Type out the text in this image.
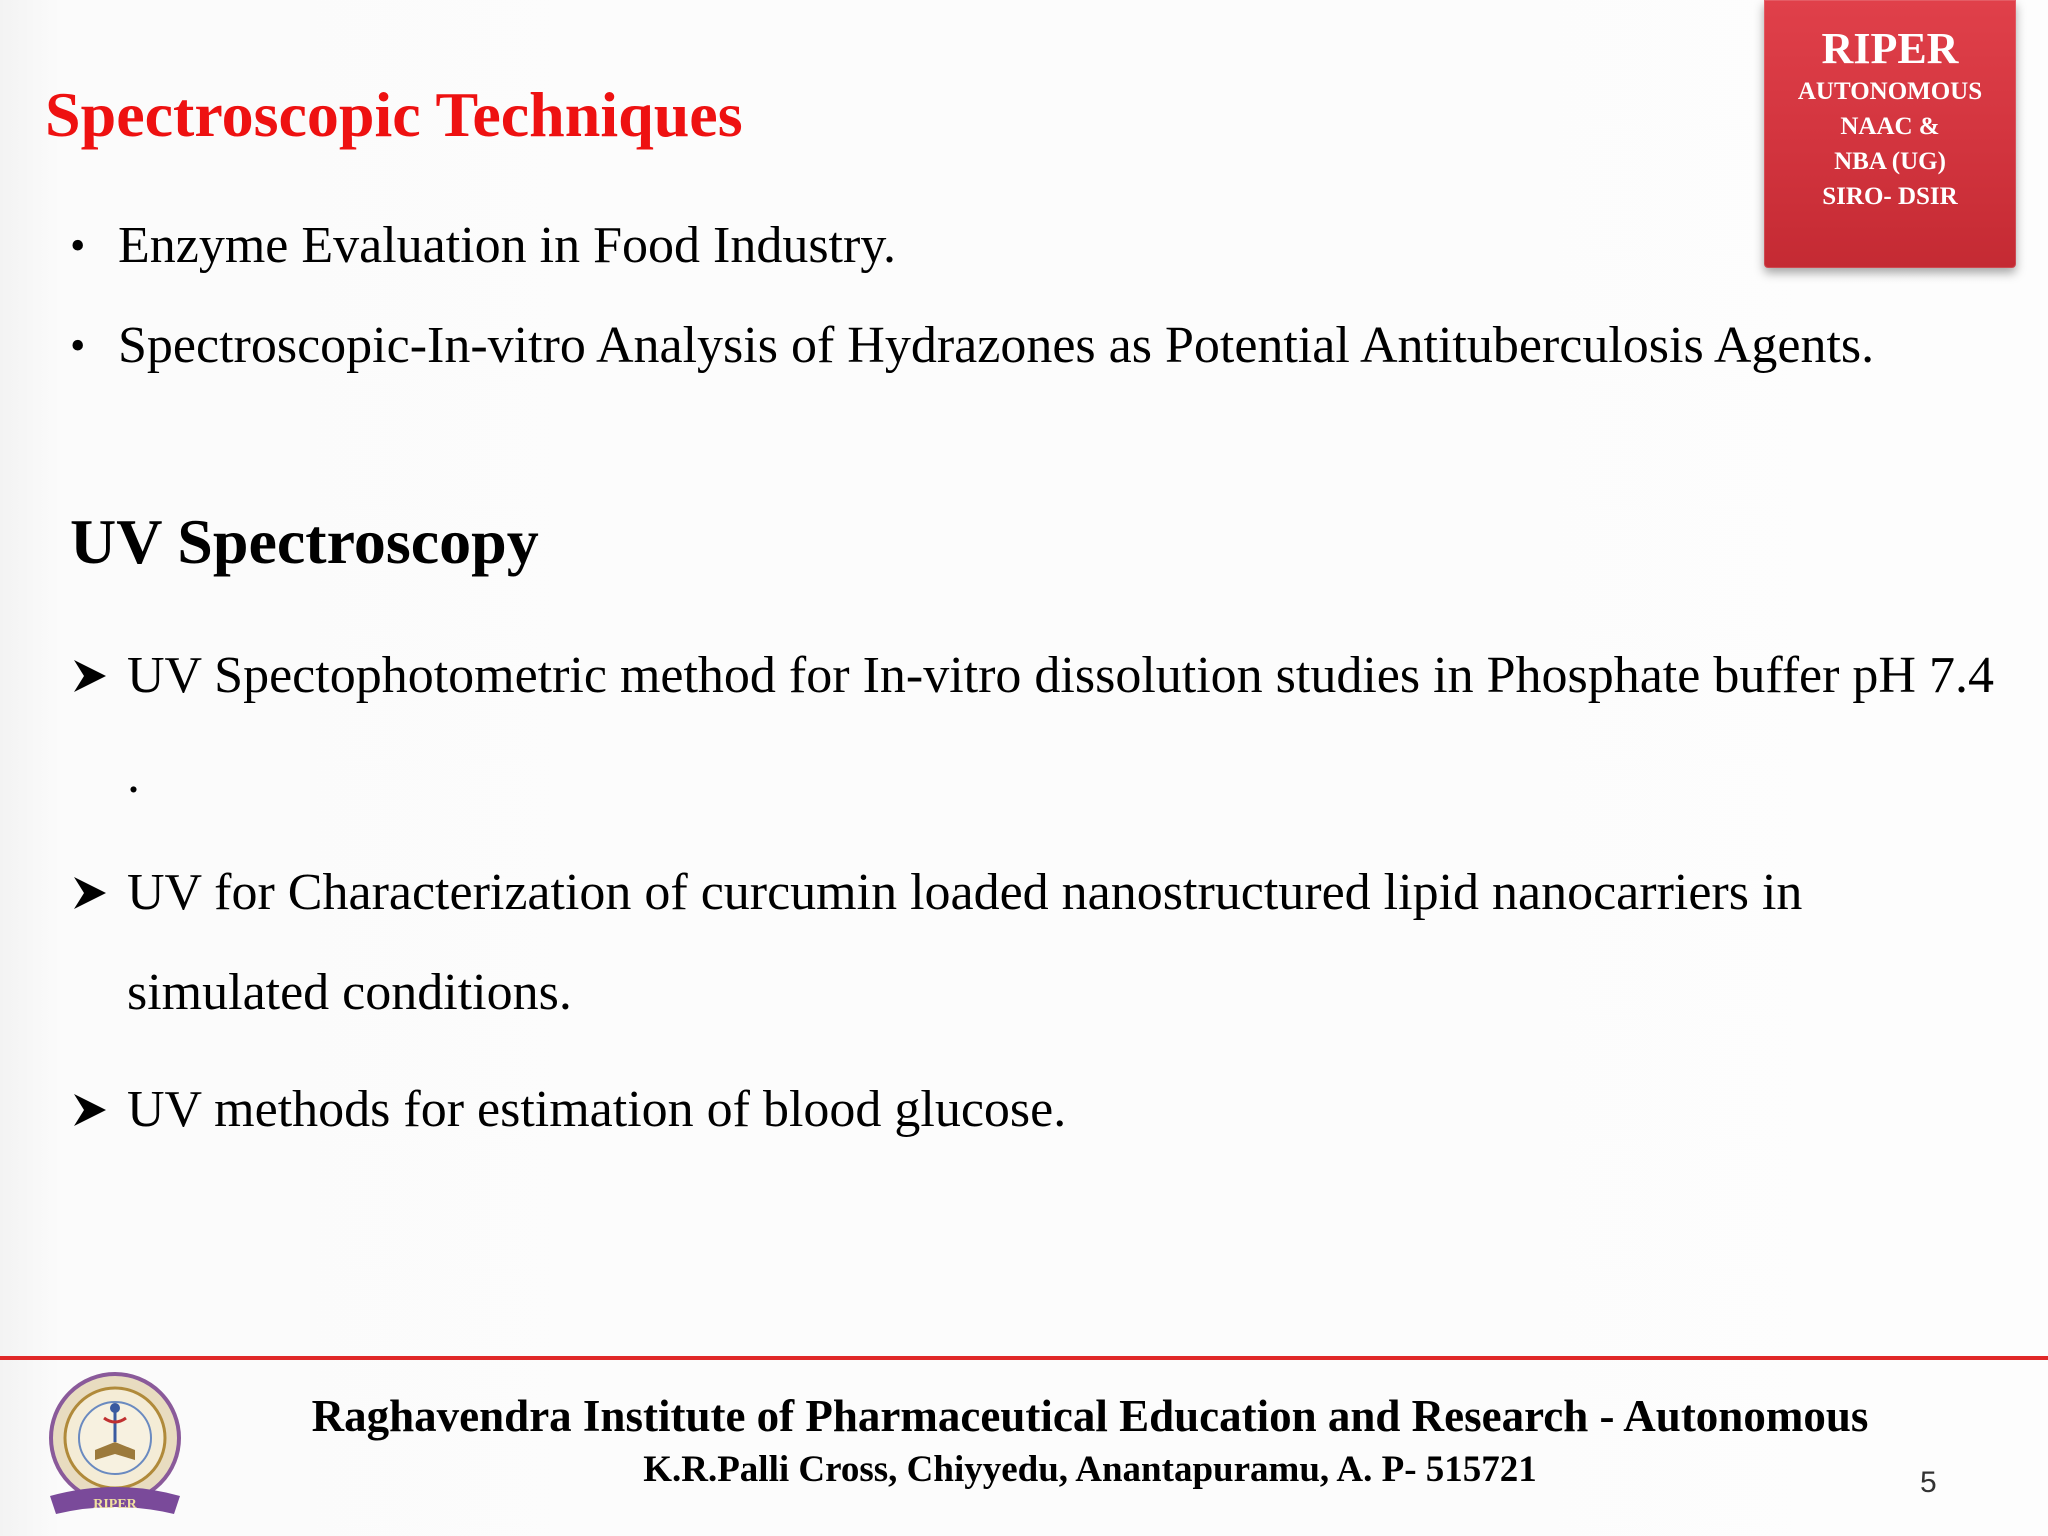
Spectroscopic Techniques
RIPER
AUTONOMOUS
NAAC &
NBA (UG)
SIRO- DSIR
• Enzyme Evaluation in Food Industry.
• Spectroscopic-In-vitro Analysis of Hydrazones as Potential Antituberculosis Agents.
UV Spectroscopy
UV Spectophotometric method for In-vitro dissolution studies in Phosphate buffer pH 7.4 .
UV for Characterization of curcumin loaded nanostructured lipid nanocarriers in simulated conditions.
UV methods for estimation of blood glucose.
RIPER
Raghavendra Institute of Pharmaceutical Education and Research - Autonomous
K.R.Palli Cross, Chiyyedu, Anantapuramu, A. P- 515721	5
